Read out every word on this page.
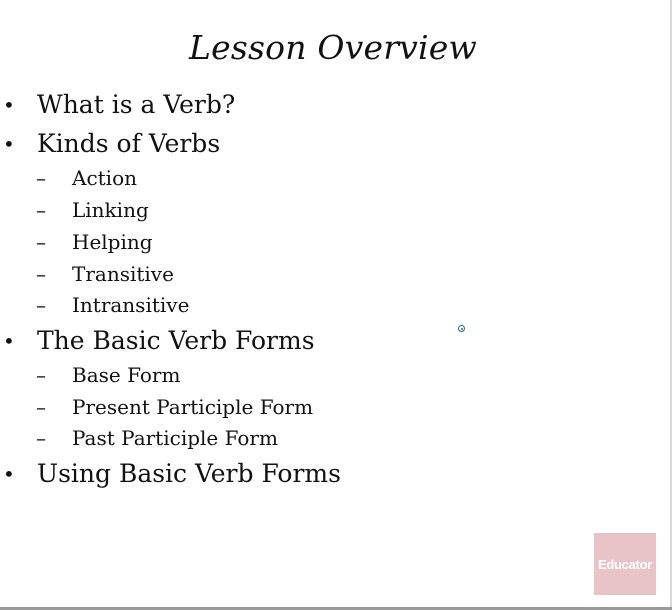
Lesson Overview
• What is a Verb?
• Kinds of Verbs
– Action
– Linking
– Helping
– Transitive
– Intransitive
• The Basic Verb Forms
– Base Form
– Present Participle Form
– Past Participle Form
• Using Basic Verb Forms
Educator
